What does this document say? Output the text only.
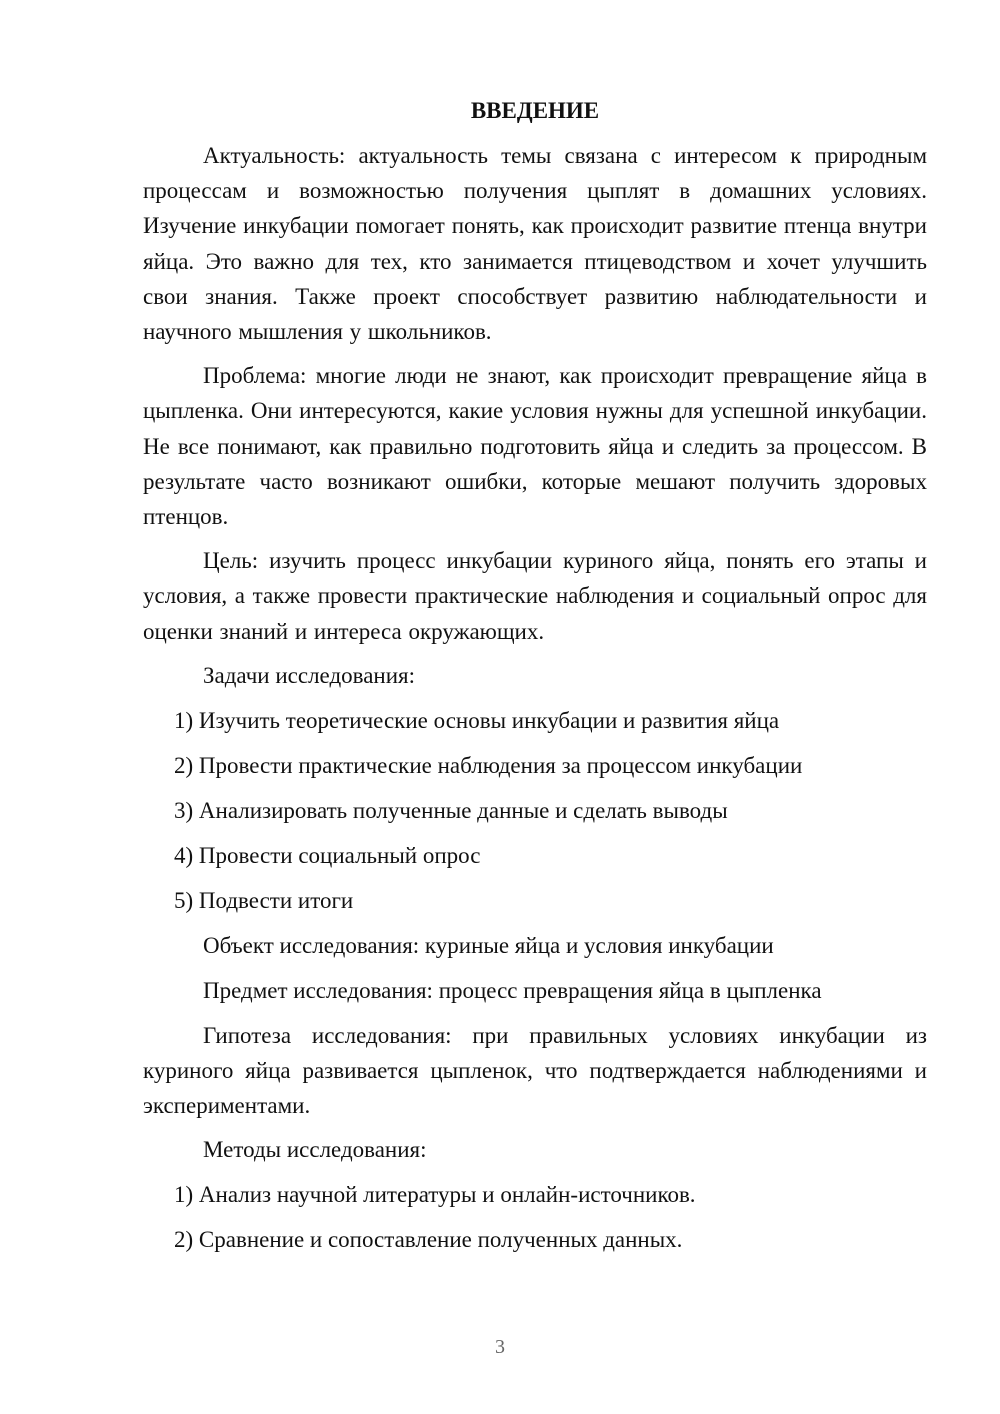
ВВЕДЕНИЕ

Актуальность: актуальность темы связана с интересом к природным процессам и возможностью получения цыплят в домашних условиях. Изучение инкубации помогает понять, как происходит развитие птенца внутри яйца. Это важно для тех, кто занимается птицеводством и хочет улучшить свои знания. Также проект способствует развитию наблюдательности и научного мышления у школьников.

Проблема: многие люди не знают, как происходит превращение яйца в цыпленка. Они интересуются, какие условия нужны для успешной инкубации. Не все понимают, как правильно подготовить яйца и следить за процессом. В результате часто возникают ошибки, которые мешают получить здоровых птенцов.

Цель: изучить процесс инкубации куриного яйца, понять его этапы и условия, а также провести практические наблюдения и социальный опрос для оценки знаний и интереса окружающих.

Задачи исследования:
1) Изучить теоретические основы инкубации и развития яйца
2) Провести практические наблюдения за процессом инкубации
3) Анализировать полученные данные и сделать выводы
4) Провести социальный опрос
5) Подвести итоги
Объект исследования: куриные яйца и условия инкубации
Предмет исследования: процесс превращения яйца в цыпленка

Гипотеза исследования: при правильных условиях инкубации из куриного яйца развивается цыпленок, что подтверждается наблюдениями и экспериментами.

Методы исследования:
1) Анализ научной литературы и онлайн-источников.
2) Сравнение и сопоставление полученных данных.
3
